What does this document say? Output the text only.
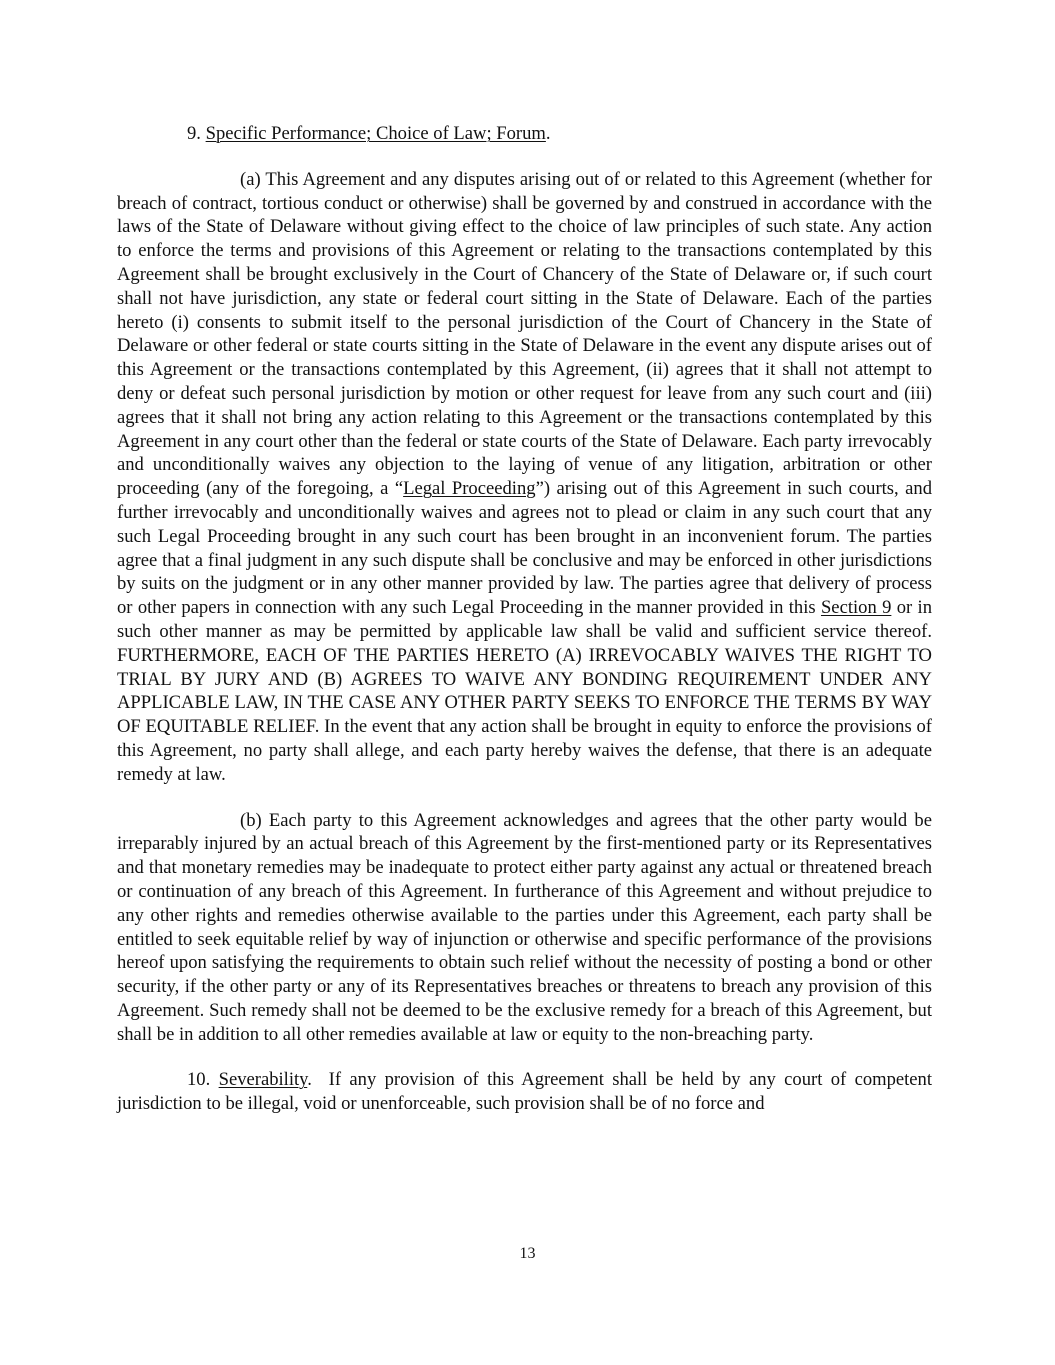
9. Specific Performance; Choice of Law; Forum.

(a) This Agreement and any disputes arising out of or related to this Agreement (whether for breach of contract, tortious conduct or otherwise) shall be governed by and construed in accordance with the laws of the State of Delaware without giving effect to the choice of law principles of such state. Any action to enforce the terms and provisions of this Agreement or relating to the transactions contemplated by this Agreement shall be brought exclusively in the Court of Chancery of the State of Delaware or, if such court shall not have jurisdiction, any state or federal court sitting in the State of Delaware. Each of the parties hereto (i) consents to submit itself to the personal jurisdiction of the Court of Chancery in the State of Delaware or other federal or state courts sitting in the State of Delaware in the event any dispute arises out of this Agreement or the transactions contemplated by this Agreement, (ii) agrees that it shall not attempt to deny or defeat such personal jurisdiction by motion or other request for leave from any such court and (iii) agrees that it shall not bring any action relating to this Agreement or the transactions contemplated by this Agreement in any court other than the federal or state courts of the State of Delaware. Each party irrevocably and unconditionally waives any objection to the laying of venue of any litigation, arbitration or other proceeding (any of the foregoing, a “Legal Proceeding”) arising out of this Agreement in such courts, and further irrevocably and unconditionally waives and agrees not to plead or claim in any such court that any such Legal Proceeding brought in any such court has been brought in an inconvenient forum. The parties agree that a final judgment in any such dispute shall be conclusive and may be enforced in other jurisdictions by suits on the judgment or in any other manner provided by law. The parties agree that delivery of process or other papers in connection with any such Legal Proceeding in the manner provided in this Section 9 or in such other manner as may be permitted by applicable law shall be valid and sufficient service thereof. FURTHERMORE, EACH OF THE PARTIES HERETO (A) IRREVOCABLY WAIVES THE RIGHT TO TRIAL BY JURY AND (B) AGREES TO WAIVE ANY BONDING REQUIREMENT UNDER ANY APPLICABLE LAW, IN THE CASE ANY OTHER PARTY SEEKS TO ENFORCE THE TERMS BY WAY OF EQUITABLE RELIEF. In the event that any action shall be brought in equity to enforce the provisions of this Agreement, no party shall allege, and each party hereby waives the defense, that there is an adequate remedy at law.

(b) Each party to this Agreement acknowledges and agrees that the other party would be irreparably injured by an actual breach of this Agreement by the first-mentioned party or its Representatives and that monetary remedies may be inadequate to protect either party against any actual or threatened breach or continuation of any breach of this Agreement. In furtherance of this Agreement and without prejudice to any other rights and remedies otherwise available to the parties under this Agreement, each party shall be entitled to seek equitable relief by way of injunction or otherwise and specific performance of the provisions hereof upon satisfying the requirements to obtain such relief without the necessity of posting a bond or other security, if the other party or any of its Representatives breaches or threatens to breach any provision of this Agreement. Such remedy shall not be deemed to be the exclusive remedy for a breach of this Agreement, but shall be in addition to all other remedies available at law or equity to the non-breaching party.

10. Severability. If any provision of this Agreement shall be held by any court of competent jurisdiction to be illegal, void or unenforceable, such provision shall be of no force and

13
